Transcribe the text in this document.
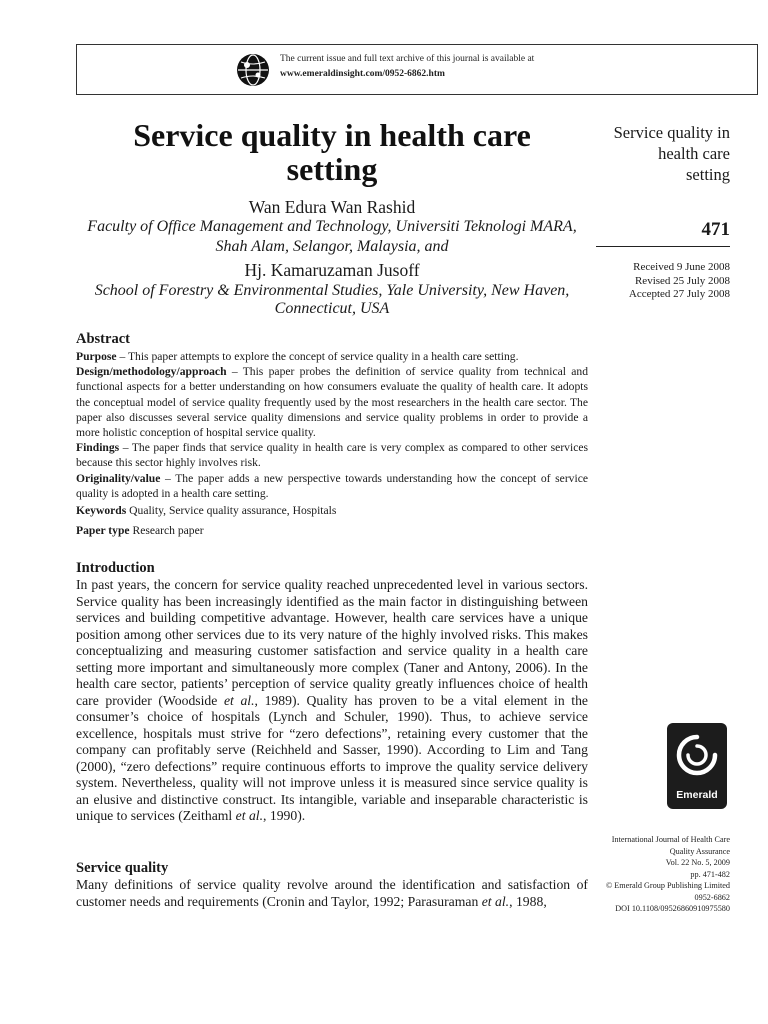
The current issue and full text archive of this journal is available at
www.emeraldinsight.com/0952-6862.htm
Service quality in health care
setting
Wan Edura Wan Rashid
Faculty of Office Management and Technology, Universiti Teknologi MARA,
Shah Alam, Selangor, Malaysia, and
Hj. Kamaruzaman Jusoff
School of Forestry & Environmental Studies, Yale University, New Haven,
Connecticut, USA
Service quality in
health care
setting
471
Received 9 June 2008
Revised 25 July 2008
Accepted 27 July 2008
Emerald
International Journal of Health Care
Quality Assurance
Vol. 22 No. 5, 2009
pp. 471-482
© Emerald Group Publishing Limited
0952-6862
DOI 10.1108/09526860910975580
Abstract

Purpose – This paper attempts to explore the concept of service quality in a health care setting.

Design/methodology/approach – This paper probes the definition of service quality from technical and functional aspects for a better understanding on how consumers evaluate the quality of health care. It adopts the conceptual model of service quality frequently used by the most researchers in the health care sector. The paper also discusses several service quality dimensions and service quality problems in order to provide a more holistic conception of hospital service quality.

Findings – The paper finds that service quality in health care is very complex as compared to other services because this sector highly involves risk.

Originality/value – The paper adds a new perspective towards understanding how the concept of service quality is adopted in a health care setting.

Keywords Quality, Service quality assurance, Hospitals

Paper type Research paper

Introduction
In past years, the concern for service quality reached unprecedented level in various sectors. Service quality has been increasingly identified as the main factor in distinguishing between services and building competitive advantage. However, health care services have a unique position among other services due to its very nature of the highly involved risks. This makes conceptualizing and measuring customer satisfaction and service quality in a health care setting more important and simultaneously more complex (Taner and Antony, 2006). In the health care sector, patients’ perception of service quality greatly influences choice of health care provider (Woodside et al., 1989). Quality has proven to be a vital element in the consumer’s choice of hospitals (Lynch and Schuler, 1990). Thus, to achieve service excellence, hospitals must strive for “zero defections”, retaining every customer that the company can profitably serve (Reichheld and Sasser, 1990). According to Lim and Tang (2000), “zero defections” require continuous efforts to improve the quality service delivery system. Nevertheless, quality will not improve unless it is measured since service quality is an elusive and distinctive construct. Its intangible, variable and inseparable characteristic is unique to services (Zeithaml et al., 1990).
Service quality
Many definitions of service quality revolve around the identification and satisfaction of customer needs and requirements (Cronin and Taylor, 1992; Parasuraman et al., 1988,
